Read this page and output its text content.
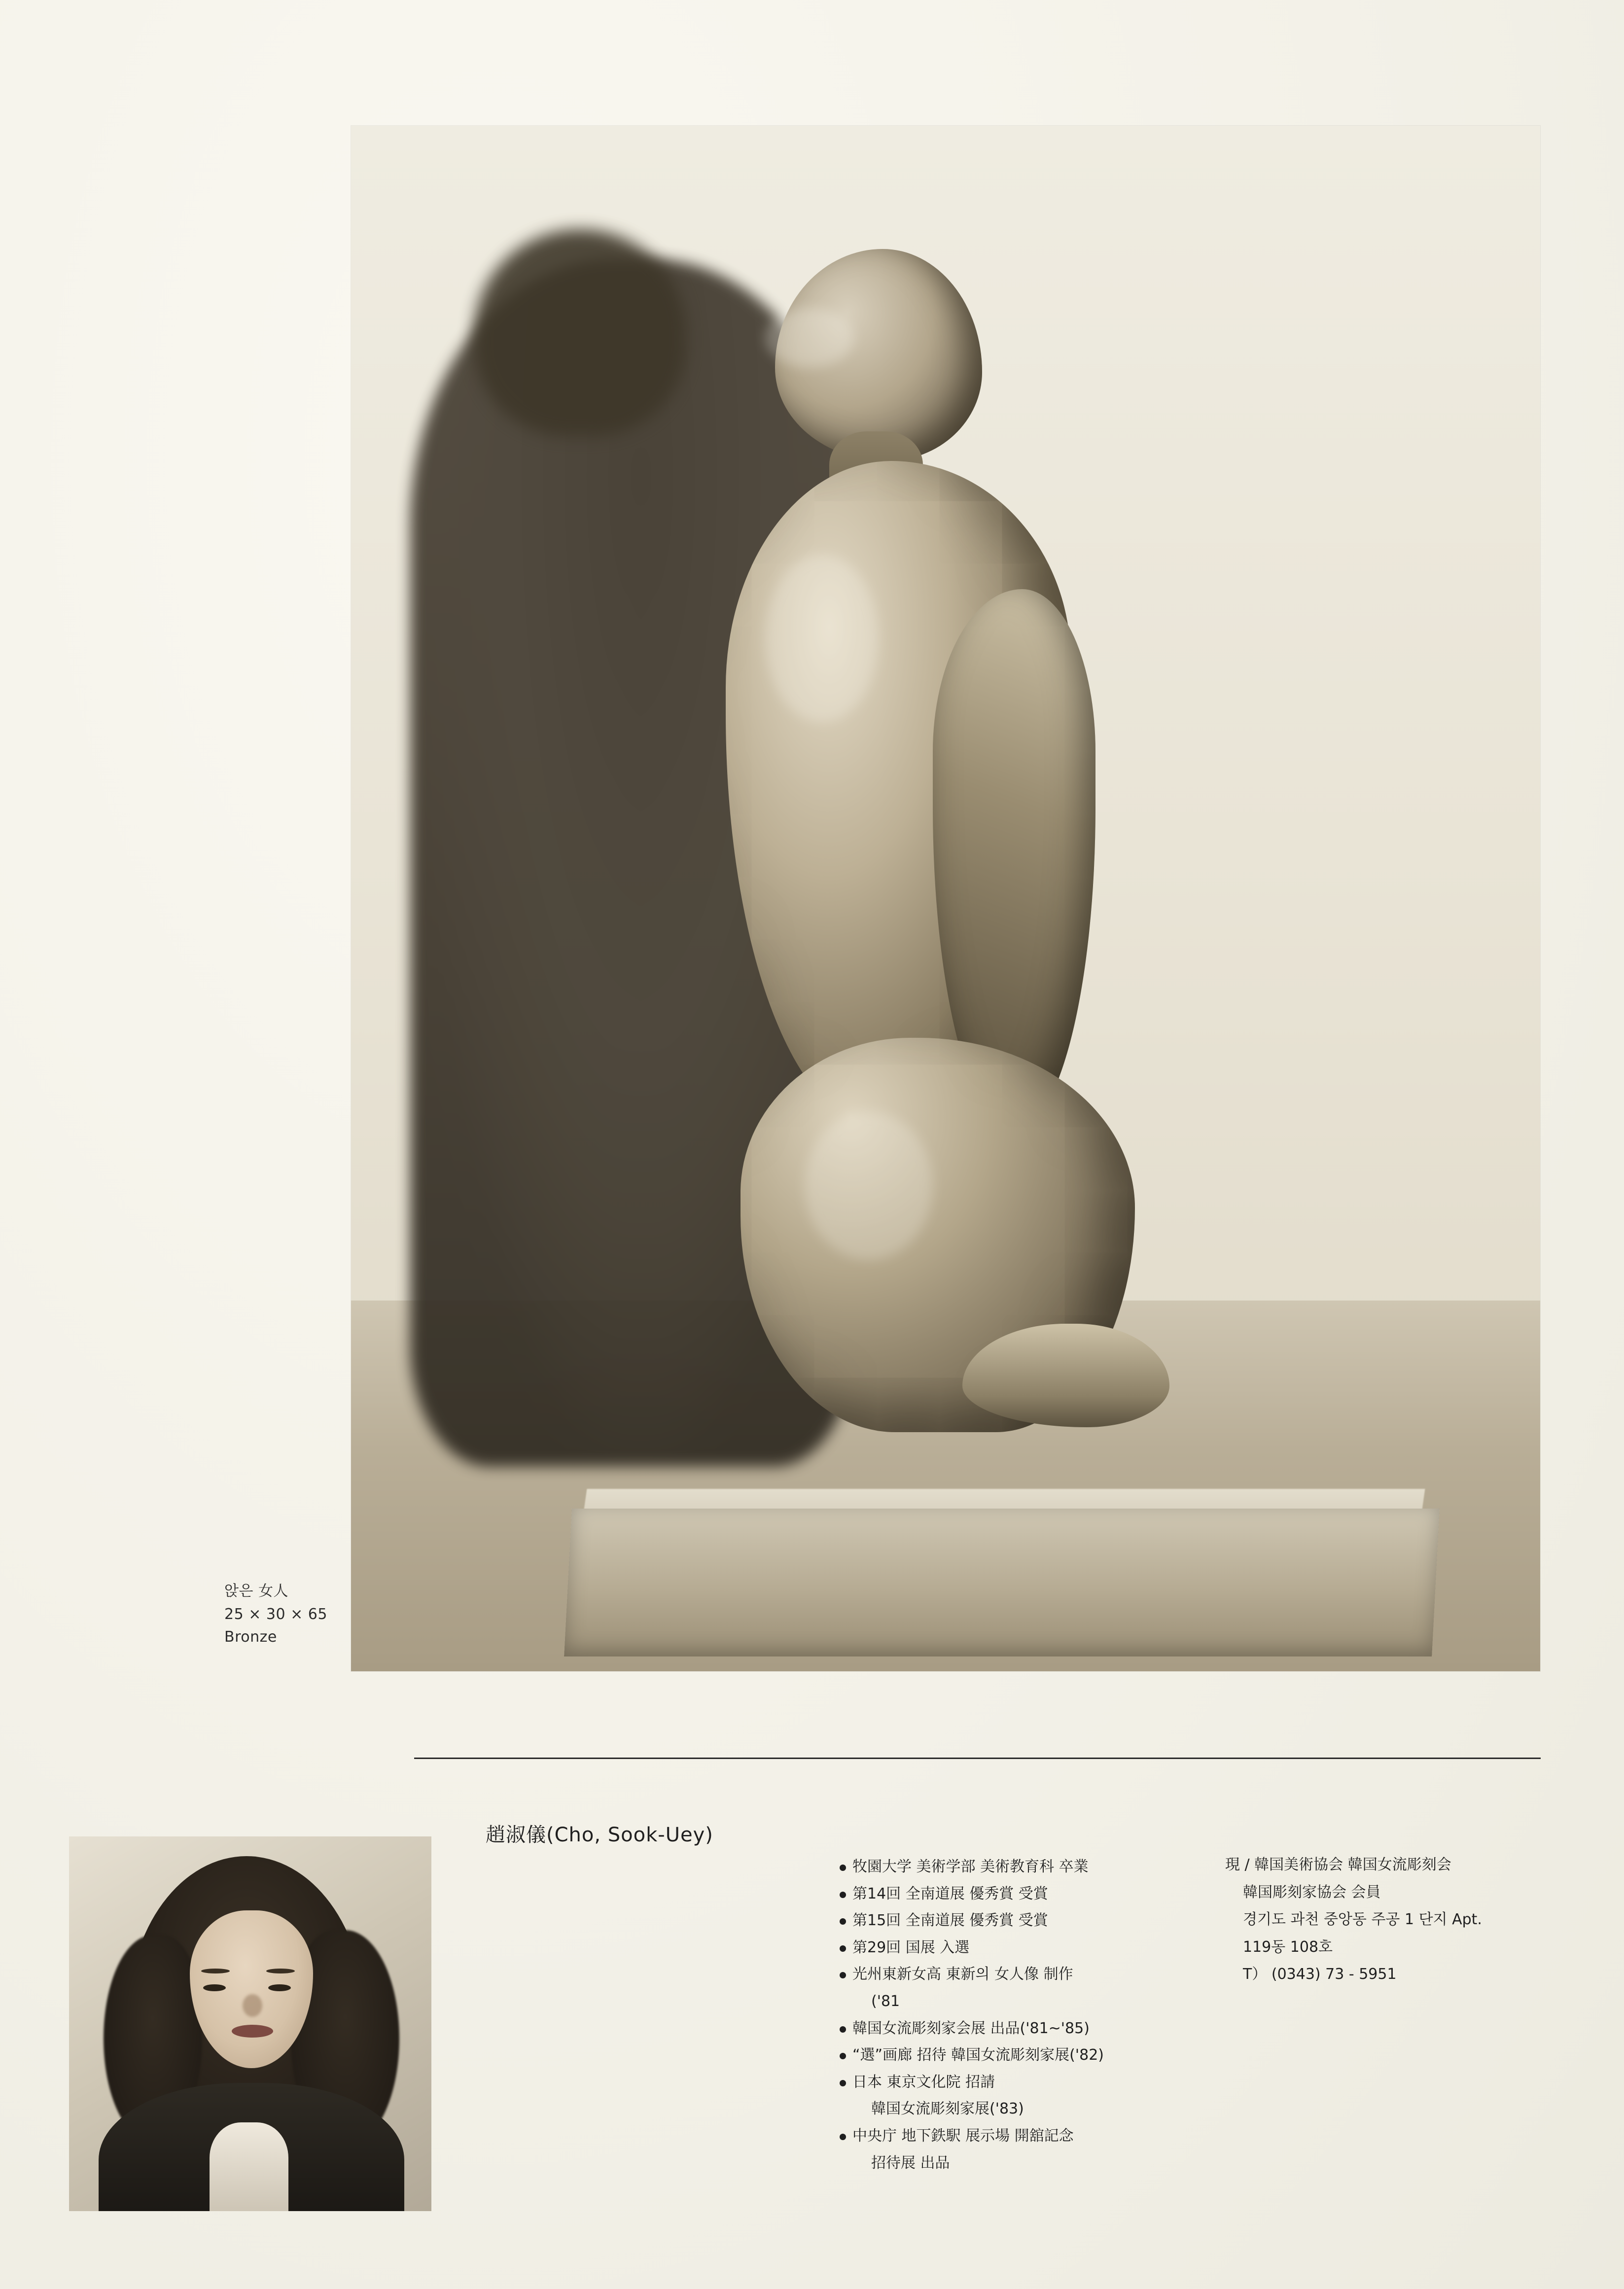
앉은 女人
25 × 30 × 65
Bronze
趙淑儀(Cho, Sook-Uey)
牧園大学 美術学部 美術教育科 卒業
第14回 全南道展 優秀賞 受賞
第15回 全南道展 優秀賞 受賞
第29回 国展 入選
光州東新女高 東新의 女人像 制作
('81
韓国女流彫刻家会展 出品('81~'85)
“選”画廊 招待 韓国女流彫刻家展('82)
日本 東京文化院 招請
韓国女流彫刻家展('83)
中央庁 地下鉄駅 展示場 開舘記念
招待展 出品
現 / 韓国美術協会 韓国女流彫刻会
韓国彫刻家協会 会員
경기도 과천 중앙동 주공 1 단지 Apt.
119동 108호
T） (0343) 73 - 5951
